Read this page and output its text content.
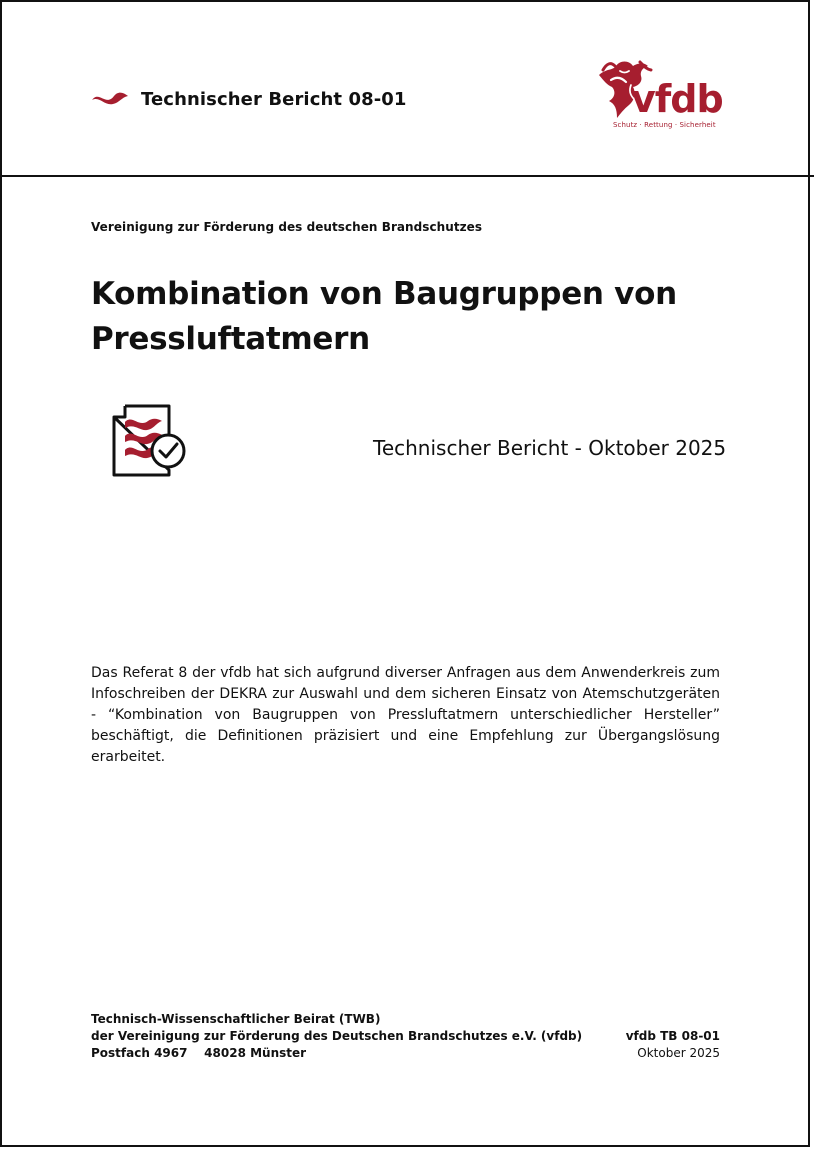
Technischer Bericht 08-01	vfdb
Schutz · Rettung · Sicherheit
Vereinigung zur Förderung des deutschen Brandschutzes
Kombination von Baugruppen von
Pressluftatmern
Technischer Bericht - Oktober 2025

Das Referat 8 der vfdb hat sich aufgrund diverser Anfragen aus dem Anwenderkreis zum Infoschreiben der DEKRA zur Auswahl und dem sicheren Einsatz von Atemschutzgeräten - “Kombination von Baugruppen von Pressluftatmern unterschiedlicher Hersteller” beschäftigt, die Definitionen präzisiert und eine Empfehlung zur Übergangslösung erarbeitet.

Technisch-Wissenschaftlicher Beirat (TWB)
der Vereinigung zur Förderung des Deutschen Brandschutzes e.V. (vfdb)
Postfach 4967    48028 Münster
vfdb TB 08-01
Oktober 2025
